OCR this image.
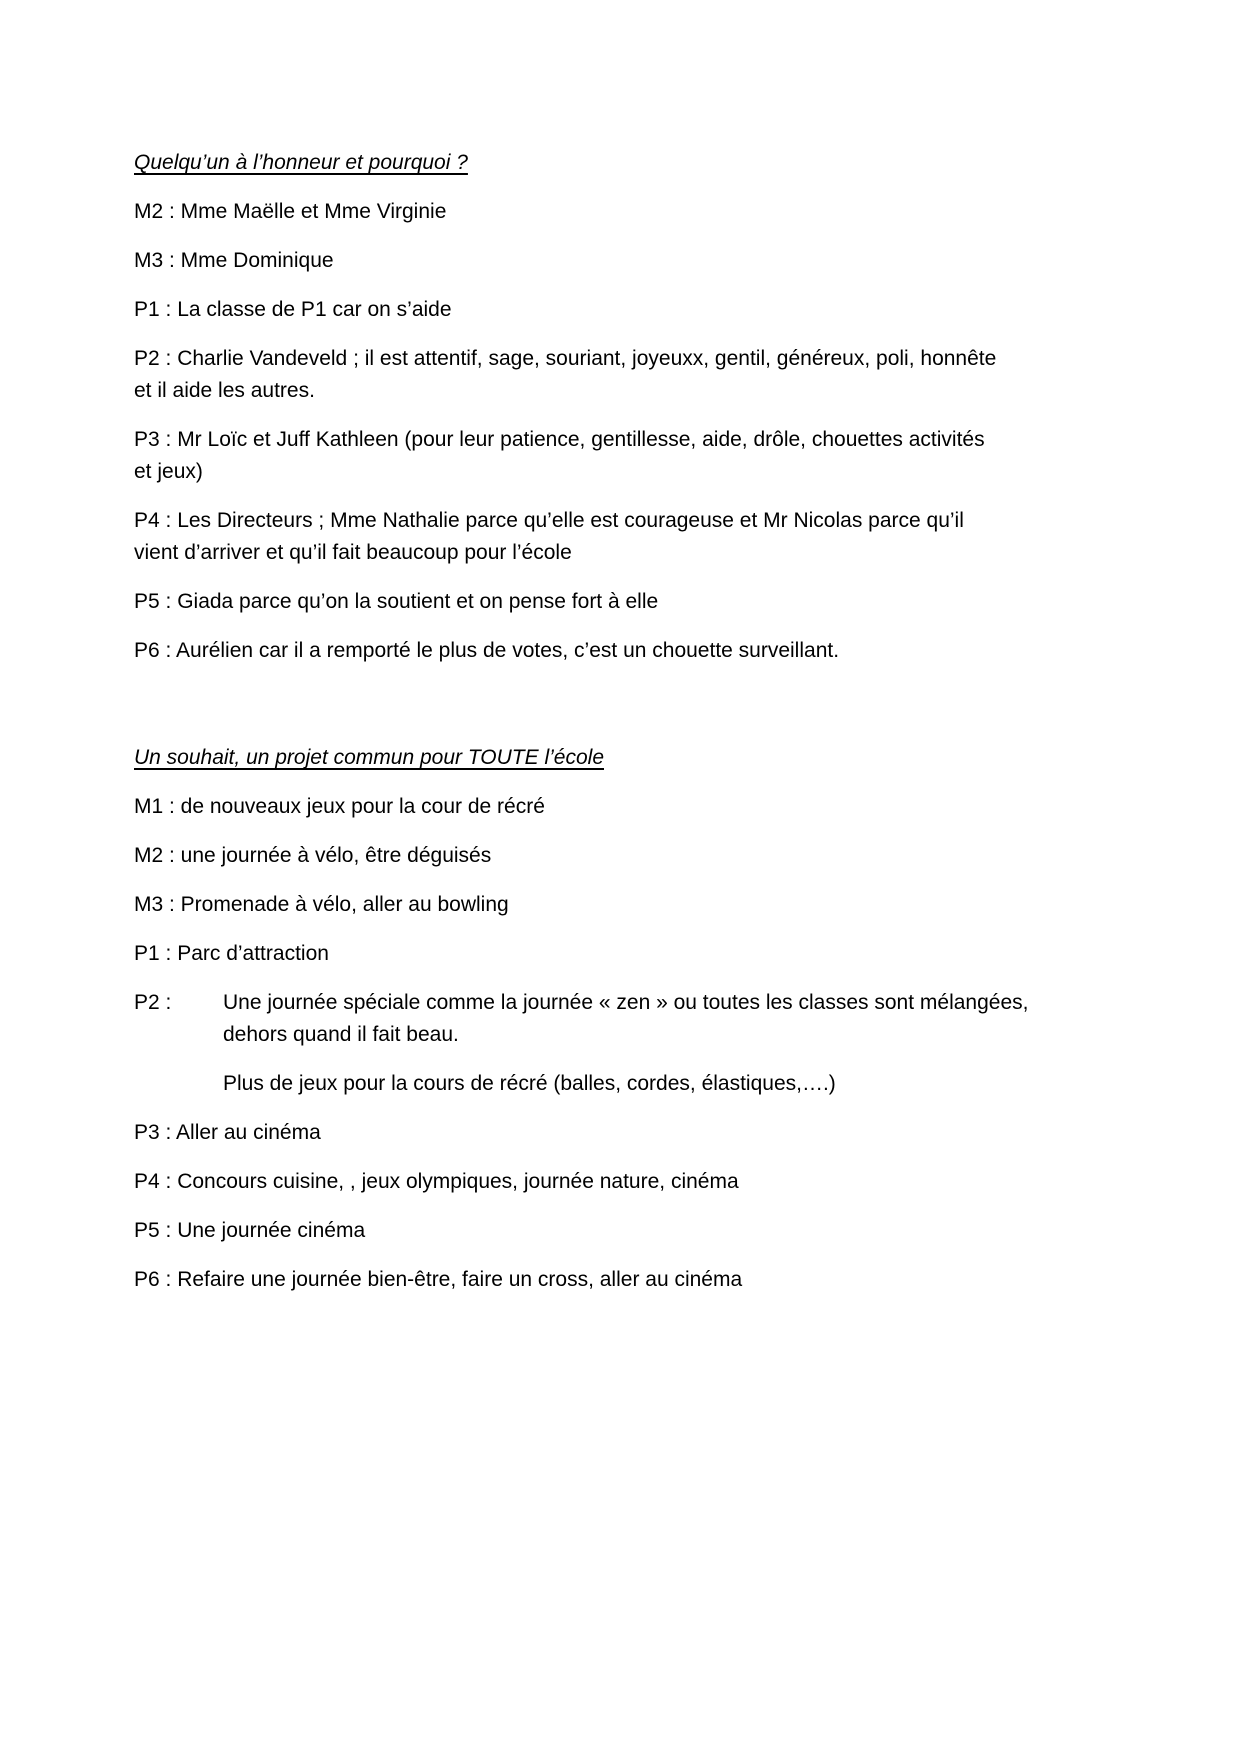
Quelqu’un à l’honneur et pourquoi ?
M2 : Mme Maëlle et Mme Virginie
M3 : Mme Dominique
P1 : La classe de P1 car on s’aide
P2 : Charlie Vandeveld ; il est attentif, sage, souriant, joyeuxx, gentil, généreux, poli, honnête
et il aide les autres.
P3 : Mr Loïc et Juff Kathleen (pour leur patience, gentillesse, aide, drôle, chouettes activités
et jeux)
P4 : Les Directeurs ; Mme Nathalie parce qu’elle est courageuse et Mr Nicolas parce qu’il
vient d’arriver et qu’il fait beaucoup pour l’école
P5 : Giada parce qu’on la soutient et on pense fort à elle
P6 : Aurélien car il a remporté le plus de votes, c’est un chouette surveillant.
Un souhait, un projet commun pour TOUTE l’école
M1 : de nouveaux jeux pour la cour de récré
M2 : une journée à vélo, être déguisés
M3 : Promenade à vélo, aller au bowling
P1 : Parc d’attraction
P2 :	Une journée spéciale comme la journée « zen » ou toutes les classes sont mélangées,
dehors quand il fait beau.
Plus de jeux pour la cours de récré (balles, cordes, élastiques,….)
P3 : Aller au cinéma
P4 : Concours cuisine, , jeux olympiques, journée nature, cinéma
P5 : Une journée cinéma
P6 : Refaire une journée bien-être, faire un cross, aller au cinéma
